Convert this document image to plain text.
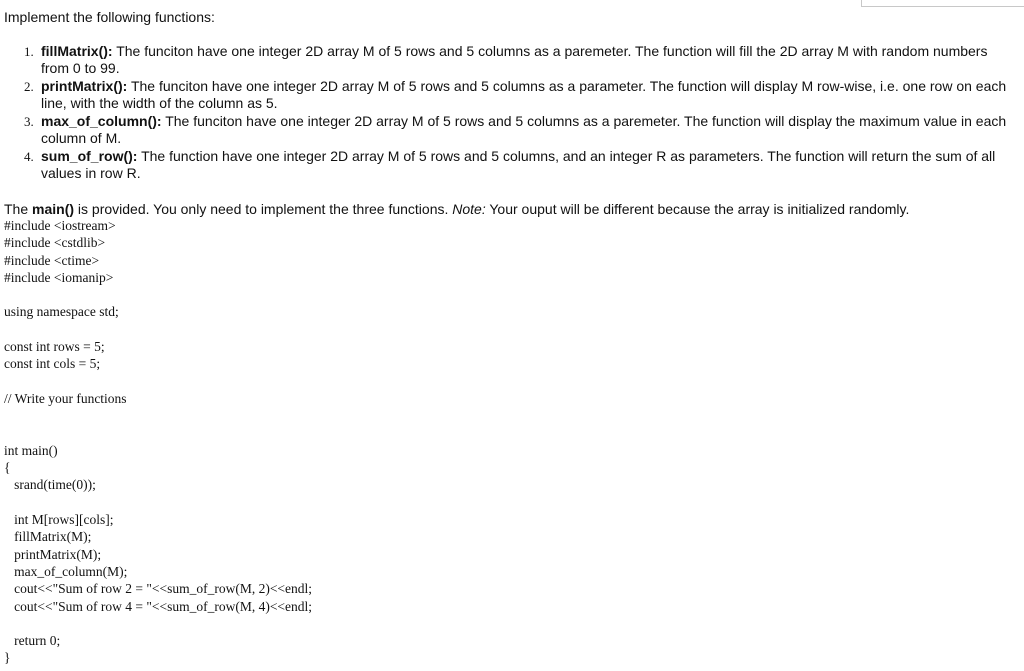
Implement the following functions:
1. fillMatrix(): The funciton have one integer 2D array M of 5 rows and 5 columns as a paremeter. The function will fill the 2D array M with random numbers from 0 to 99.
2. printMatrix(): The funciton have one integer 2D array M of 5 rows and 5 columns as a parameter. The function will display M row-wise, i.e. one row on each line, with the width of the column as 5.
3. max_of_column(): The funciton have one integer 2D array M of 5 rows and 5 columns as a paremeter. The function will display the maximum value in each column of M.
4. sum_of_row(): The function have one integer 2D array M of 5 rows and 5 columns, and an integer R as parameters. The function will return the sum of all values in row R.
The main() is provided. You only need to implement the three functions. Note: Your ouput will be different because the array is initialized randomly.
#include <iostream>
#include <cstdlib>
#include <ctime>
#include <iomanip>
using namespace std;
const int rows = 5;
const int cols = 5;
// Write your functions
int main()
{
srand(time(0));
int M[rows][cols];
fillMatrix(M);
printMatrix(M);
max_of_column(M);
cout<<"Sum of row 2 = "<<sum_of_row(M, 2)<<endl;
cout<<"Sum of row 4 = "<<sum_of_row(M, 4)<<endl;
return 0;
}
